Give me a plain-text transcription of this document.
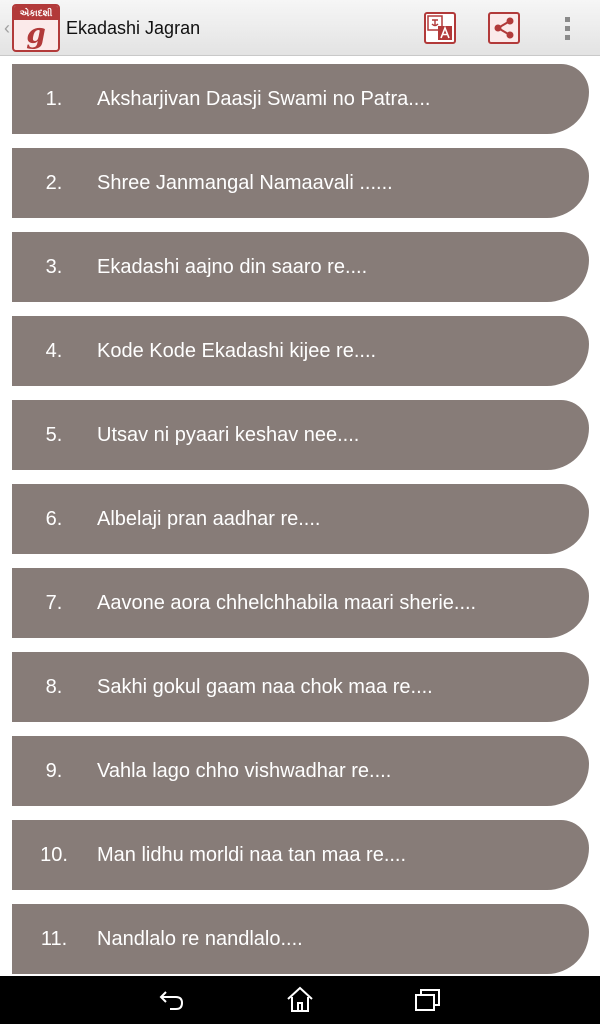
‹
એકાદશી
g	Ekadashi Jagran
1.	Aksharjivan Daasji Swami no Patra....
2.	Shree Janmangal Namaavali ......
3.	Ekadashi aajno din saaro re....
4.	Kode Kode Ekadashi kijee re....
5.	Utsav ni pyaari keshav nee....
6.	Albelaji pran aadhar re....
7.	Aavone aora chhelchhabila maari sherie....
8.	Sakhi gokul gaam naa chok maa re....
9.	Vahla lago chho vishwadhar re....
10.	Man lidhu morldi naa tan maa re....
11.	Nandlalo re nandlalo....
